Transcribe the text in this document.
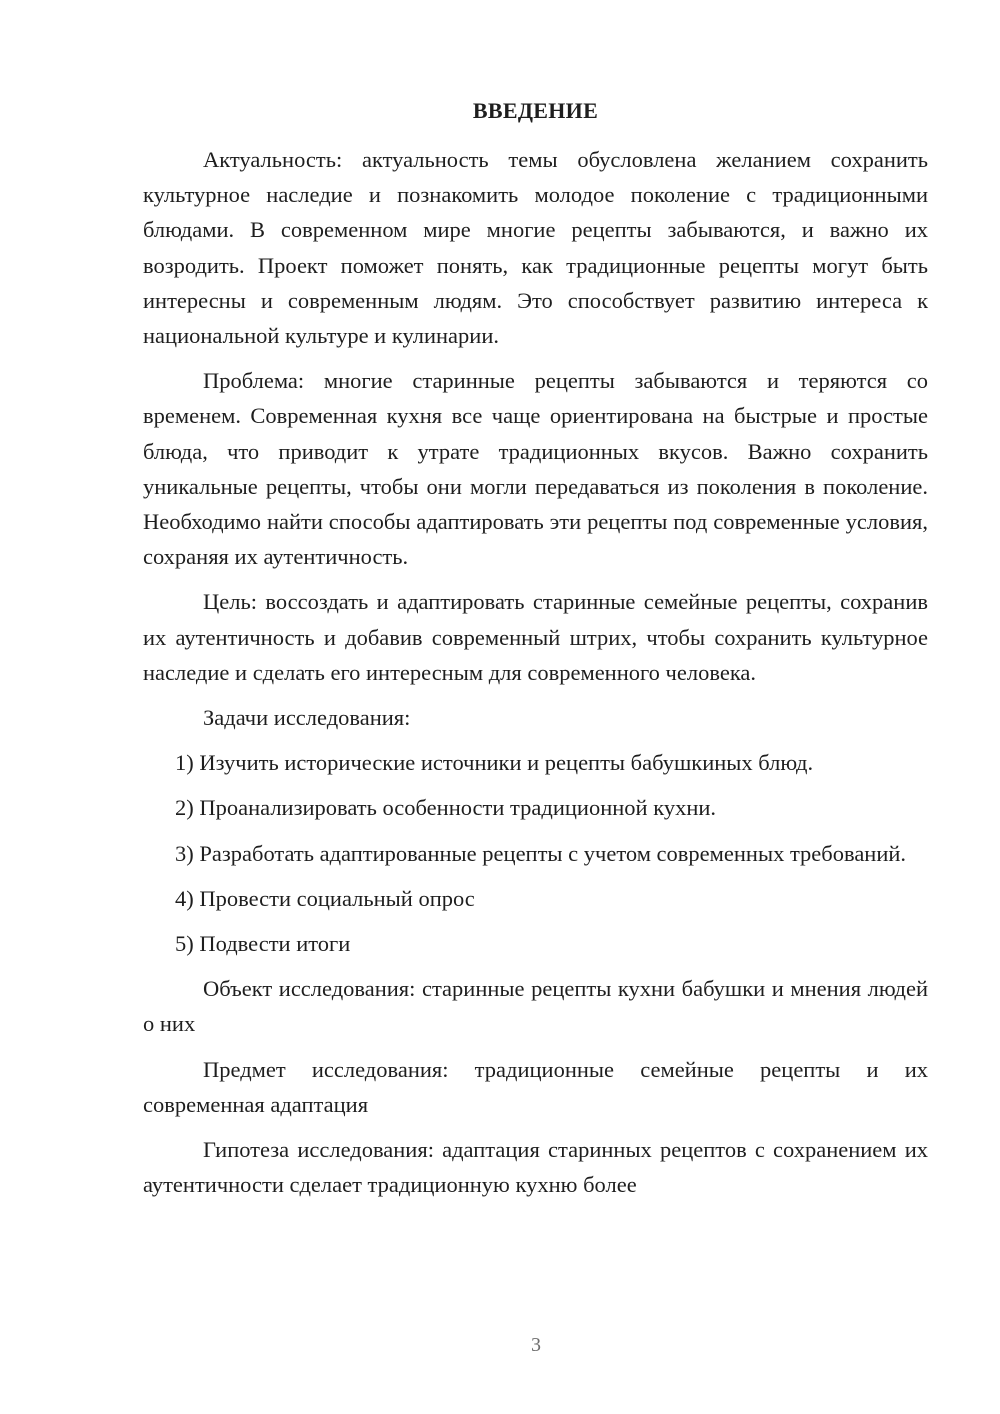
ВВЕДЕНИЕ

Актуальность: актуальность темы обусловлена желанием сохранить культурное наследие и познакомить молодое поколение с традиционными блюдами. В современном мире многие рецепты забываются, и важно их возродить. Проект поможет понять, как традиционные рецепты могут быть интересны и современным людям. Это способствует развитию интереса к национальной культуре и кулинарии.

Проблема: многие старинные рецепты забываются и теряются со временем. Современная кухня все чаще ориентирована на быстрые и простые блюда, что приводит к утрате традиционных вкусов. Важно сохранить уникальные рецепты, чтобы они могли передаваться из поколения в поколение. Необходимо найти способы адаптировать эти рецепты под современные условия, сохраняя их аутентичность.

Цель: воссоздать и адаптировать старинные семейные рецепты, сохранив их аутентичность и добавив современный штрих, чтобы сохранить культурное наследие и сделать его интересным для современного человека.

Задачи исследования:

1) Изучить исторические источники и рецепты бабушкиных блюд.

2) Проанализировать особенности традиционной кухни.

3) Разработать адаптированные рецепты с учетом современных требований.

4) Провести социальный опрос

5) Подвести итоги

Объект исследования: старинные рецепты кухни бабушки и мнения людей о них

Предмет исследования: традиционные семейные рецепты и их современная адаптация

Гипотеза исследования: адаптация старинных рецептов с сохранением их аутентичности сделает традиционную кухню более

3
